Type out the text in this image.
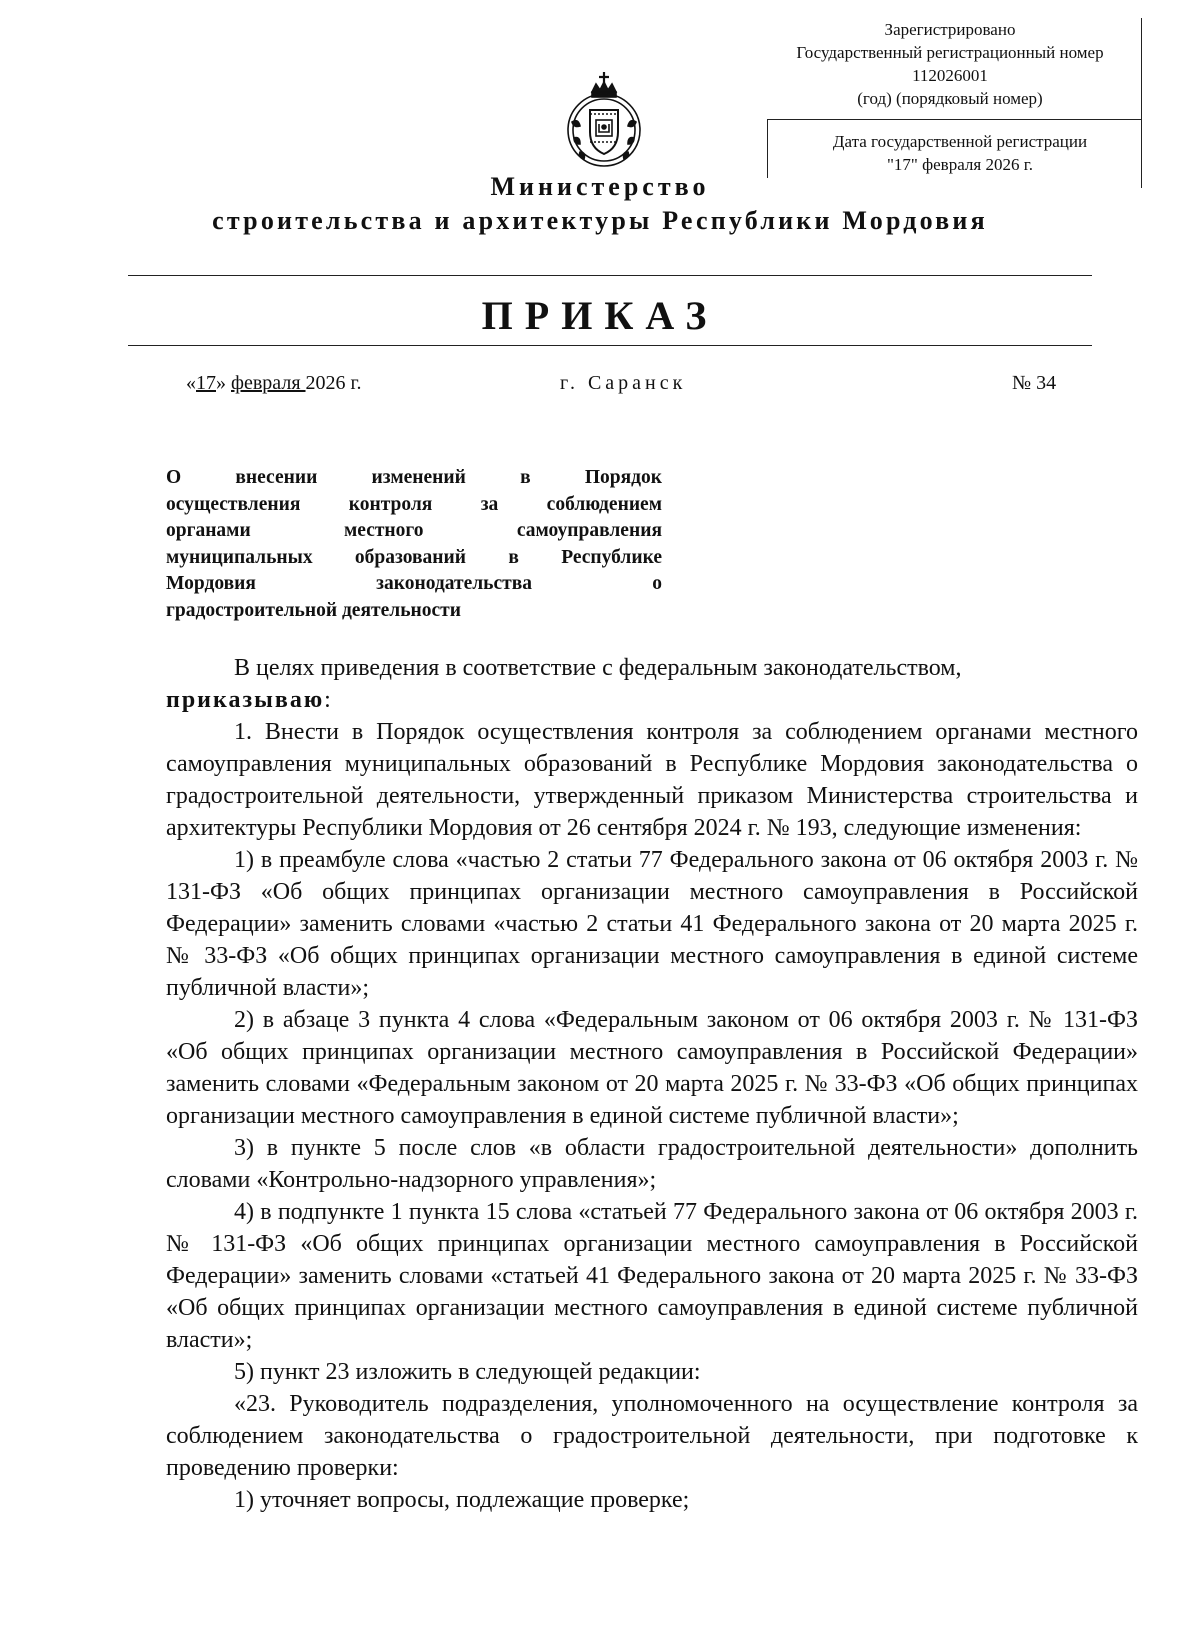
Зарегистрировано
Государственный регистрационный номер
112026001
(год) (порядковый номер)
Дата государственной регистрации
"17" февраля 2026 г.
Министерство
строительства и архитектуры Республики Мордовия
ПРИКАЗ
«17» февраля 2026 г.	г. Саранск	№ 34
О внесении изменений в Порядок
осуществления контроля за соблюдением
органами местного самоуправления
муниципальных образований в Республике
Мордовия законодательства о
градостроительной деятельности

В целях приведения в соответствие с федеральным законодательством,
приказываю:

1. Внести в Порядок осуществления контроля за соблюдением органами местного самоуправления муниципальных образований в Республике Мордовия законодательства о градостроительной деятельности, утвержденный приказом Министерства строительства и архитектуры Республики Мордовия от 26 сентября 2024 г. № 193, следующие изменения:

1) в преамбуле слова «частью 2 статьи 77 Федерального закона от 06 октября 2003 г. № 131-ФЗ «Об общих принципах организации местного самоуправления в Российской Федерации» заменить словами «частью 2 статьи 41 Федерального закона от 20 марта 2025 г. № 33-ФЗ «Об общих принципах организации местного самоуправления в единой системе публичной власти»;

2) в абзаце 3 пункта 4 слова «Федеральным законом от 06 октября 2003 г. № 131-ФЗ «Об общих принципах организации местного самоуправления в Российской Федерации» заменить словами «Федеральным законом от 20 марта 2025 г. № 33-ФЗ «Об общих принципах организации местного самоуправления в единой системе публичной власти»;

3) в пункте 5 после слов «в области градостроительной деятельности» дополнить словами «Контрольно-надзорного управления»;

4) в подпункте 1 пункта 15 слова «статьей 77 Федерального закона от 06 октября 2003 г. № 131-ФЗ «Об общих принципах организации местного самоуправления в Российской Федерации» заменить словами «статьей 41 Федерального закона от 20 марта 2025 г. № 33-ФЗ «Об общих принципах организации местного самоуправления в единой системе публичной власти»;

5) пункт 23 изложить в следующей редакции:

«23. Руководитель подразделения, уполномоченного на осуществление контроля за соблюдением законодательства о градостроительной деятельности, при подготовке к проведению проверки:

1) уточняет вопросы, подлежащие проверке;
